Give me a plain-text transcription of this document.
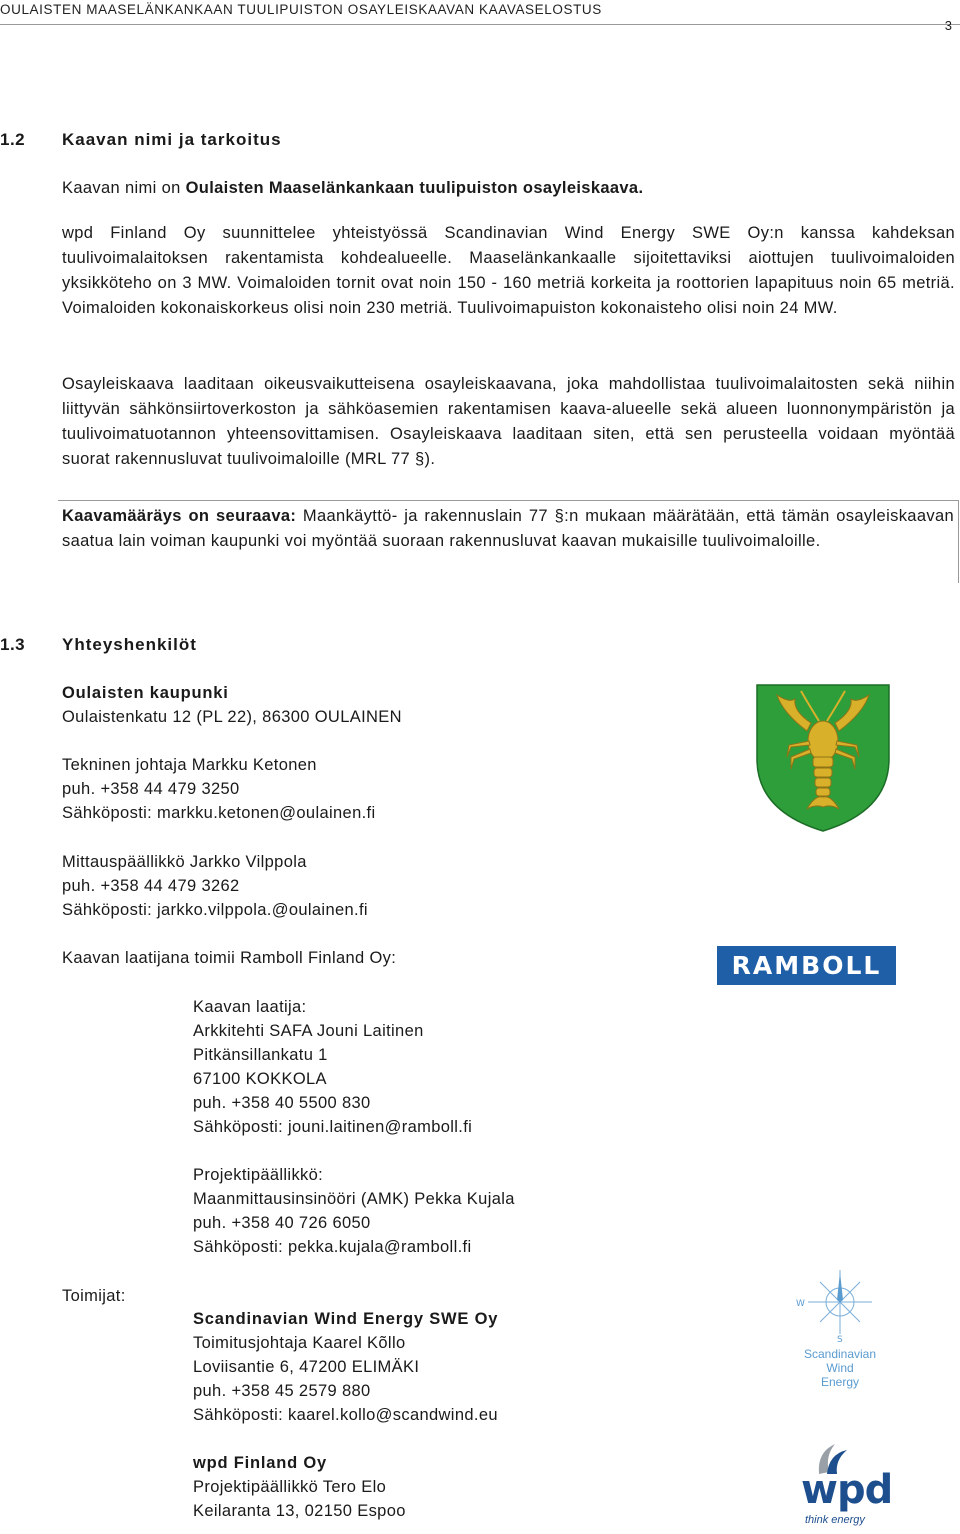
OULAISTEN MAASELÄNKANKAAN TUULIPUISTON OSAYLEISKAAVAN KAAVASELOSTUS
3
1.2 Kaavan nimi ja tarkoitus

Kaavan nimi on Oulaisten Maaselänkankaan tuulipuiston osayleiskaava.

wpd Finland Oy suunnittelee yhteistyössä Scandinavian Wind Energy SWE Oy:n kanssa kahdeksan tuulivoimalaitoksen rakentamista kohdealueelle. Maaselänkankaalle sijoitettaviksi aiottujen tuulivoimaloiden yksikköteho on 3 MW. Voimaloiden tornit ovat noin 150 - 160 metriä korkeita ja roottorien lapapituus noin 65 metriä. Voimaloiden kokonaiskorkeus olisi noin 230 metriä. Tuulivoimapuiston kokonaisteho olisi noin 24 MW.

Osayleiskaava laaditaan oikeusvaikutteisena osayleiskaavana, joka mahdollistaa tuulivoimalaitosten sekä niihin liittyvän sähkönsiirtoverkoston ja sähköasemien rakentamisen kaava-alueelle sekä alueen luonnonympäristön ja tuulivoimatuotannon yhteensovittamisen. Osayleiskaava laaditaan siten, että sen perusteella voidaan myöntää suorat rakennusluvat tuulivoimaloille (MRL 77 §).

Kaavamääräys on seuraava: Maankäyttö- ja rakennuslain 77 §:n mukaan määrätään, että tämän osayleiskaavan saatua lain voiman kaupunki voi myöntää suoraan rakennusluvat kaavan mukaisille tuulivoimaloille.

1.3 Yhteyshenkilöt
Oulaisten kaupunki
Oulaistenkatu 12 (PL 22), 86300 OULAINEN
Tekninen johtaja Markku Ketonen
puh. +358 44 479 3250
Sähköposti: markku.ketonen@oulainen.fi
Mittauspäällikkö Jarkko Vilppola
puh. +358 44 479 3262
Sähköposti: jarkko.vilppola.@oulainen.fi
Kaavan laatijana toimii Ramboll Finland Oy:
Kaavan laatija:
Arkkitehti SAFA Jouni Laitinen
Pitkänsillankatu 1
67100 KOKKOLA
puh. +358 40 5500 830
Sähköposti: jouni.laitinen@ramboll.fi
Projektipäällikkö:
Maanmittausinsinööri (AMK) Pekka Kujala
puh. +358 40 726 6050
Sähköposti: pekka.kujala@ramboll.fi
Toimijat:
Scandinavian Wind Energy SWE Oy
Toimitusjohtaja Kaarel Kõllo
Loviisantie 6, 47200 ELIMÄKI
puh. +358 45 2579 880
Sähköposti: kaarel.kollo@scandwind.eu
wpd Finland Oy
Projektipäällikkö Tero Elo
Keilaranta 13, 02150 Espoo
RAMBOLL
W
S
Scandinavian
Wind
Energy
wpd
think energy
